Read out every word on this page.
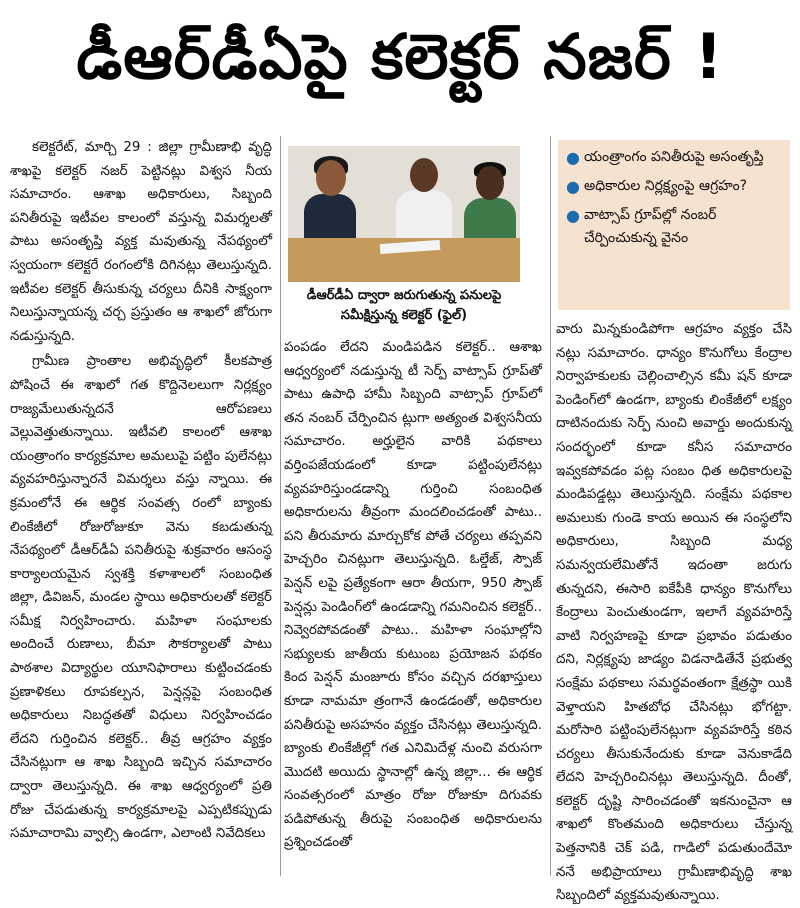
డీఆర్‌డీఏపై కలెక్టర్ నజర్ !

కలెక్టరేట్, మార్చి 29 : జిల్లా గ్రామీణాభి వృద్ధి శాఖపై కలెక్టర్ నజర్ పెట్టినట్లు విశ్వస నీయ సమాచారం. ఆశాఖ అధికారులు, సిబ్బంది పనితీరుపై ఇటీవల కాలంలో వస్తున్న విమర్శలతో పాటు అసంతృప్తి వ్యక్త మవుతున్న నేపథ్యంలో స్వయంగా కలెక్టరే రంగంలోకి దిగినట్లు తెలుస్తున్నది. ఇటీవల కలెక్టర్ తీసుకున్న చర్యలు దీనికి సాక్ష్యంగా నిలుస్తున్నాయన్న చర్చ ప్రస్తుతం ఆ శాఖలో జోరుగా నడుస్తున్నది.

గ్రామీణ ప్రాంతాల అభివృద్ధిలో కీలకపాత్ర పోషించే ఈ శాఖలో గత కొద్దినెలలుగా నిర్లక్ష్యం రాజ్యమేలుతున్నదనే ఆరోపణలు వెల్లువెత్తుతున్నాయి. ఇటీవలి కాలంలో ఆశాఖ యంత్రాంగం కార్యక్రమాల అమలుపై పట్టిం పులేనట్లు వ్యవహరిస్తున్నారనే విమర్శలు వస్తు న్నాయి. ఈ క్రమంలోనే ఈ ఆర్థిక సంవత్స రంలో బ్యాంకు లింకేజీలో రోజురోజుకూ వెను కబడుతున్న నేపథ్యంలో డీఆర్‌డీఏ పనితీరుపై శుక్రవారం ఆసంస్థ కార్యాలయమైన స్వశక్తి కళాశాలలో సంబంధిత జిల్లా, డివిజన్, మండల స్థాయి అధికారులతో కలెక్టర్ సమీక్ష నిర్వహించారు. మహిళా సంఘాలకు అందించే రుణాలు, బీమా సౌకర్యాలతో పాటు పాఠశాల విద్యార్థుల యూనిఫారాలు కుట్టించడంకు ప్రణాళికలు రూపకల్పన, పెన్షన్లపై సంబంధిత అధికారులు నిబద్ధతతో విధులు నిర్వహించడం లేదని గుర్తించిన కలెక్టర్.. తీవ్ర ఆగ్రహం వ్యక్తం చేసినట్లుగా ఆ శాఖ సిబ్బంది ఇచ్చిన సమాచారం ద్వారా తెలుస్తున్నది. ఈ శాఖ ఆధ్వర్యంలో ప్రతి రోజు చేపడుతున్న కార్యక్రమాలపై ఎప్పటికప్పుడు సమాచారామి వ్వాల్సి ఉండగా, ఎలాంటి నివేదికలు

డీఆర్‌డీఏ ద్వారా జరుగుతున్న పనులపై సమీక్షిస్తున్న కలెక్టర్ (ఫైల్)

పంపడం లేదని మండిపడిన కలెక్టర్.. ఆశాఖ ఆధ్వర్యంలో నడుస్తున్న టీ సెర్ప్ వాట్సాప్ గ్రూప్‌తో పాటు ఉపాధి హామీ సిబ్బంది వాట్సాప్ గ్రూప్‌లో తన నంబర్ చేర్పించిన ట్లుగా అత్యంత విశ్వసనీయ సమాచారం. అర్హులైన వారికి పథకాలు వర్తింపజేయడంలో కూడా పట్టింపులేనట్లు వ్యవహరిస్తుండడాన్ని గుర్తించి సంబంధిత అధికారులను తీవ్రంగా మందలించడంతో పాటు.. పని తీరుమారు మార్చుకోక పోతే చర్యలు తప్పవని హెచ్చరిం చినట్లుగా తెలుస్తున్నది. ఓల్డేజ్, స్పౌజ్ పెన్షన్ లపై ప్రత్యేకంగా ఆరా తీయగా, 950 స్పౌజ్ పెన్షన్లు పెండింగ్‌లో ఉండడాన్ని గమనించిన కలెక్టర్.. నివ్వెరపోవడంతో పాటు.. మహిళా సంఘాల్లోని సభ్యులకు జాతీయ కుటుంబ ప్రయోజన పథకం కింద పెన్షన్ మంజూరు కోసం వచ్చిన దరఖాస్తులు కూడా నామమా త్రంగానే ఉండడంతో, అధికారుల పనితీరుపై అసహనం వ్యక్తం చేసినట్లు తెలుస్తున్నది. బ్యాంకు లింకేజీల్లో గత ఎనిమిదేళ్ల నుంచి వరుసగా మొదటి అయిదు స్థానాల్లో ఉన్న జిల్లా... ఈ ఆర్థిక సంవత్సరంలో మాత్రం రోజు రోజుకూ దిగువకు పడిపోతున్న తీరుపై సంబంధిత అధికారులను ప్రశ్నించడంతో

● యంత్రాంగం పనితీరుపై అసంతృప్తి
● అధికారుల నిర్లక్ష్యంపై ఆగ్రహం?
● వాట్సాప్ గ్రూప్‌ల్లో నంబర్ చేర్పించుకున్న వైనం

వారు మిన్నకుండిపోగా ఆగ్రహం వ్యక్తం చేసి నట్లు సమాచారం. ధాన్యం కొనుగోలు కేంద్రాల నిర్వాహకులకు చెల్లించాల్సిన కమీ షన్ కూడా పెండింగ్‌లో ఉండగా, బ్యాంకు లింకేజీలో లక్ష్యం దాటినందుకు సెర్ప్ నుంచి అవార్డు అందుకున్న సందర్భంలో కూడా కనీస సమాచారం ఇవ్వకపోవడం పట్ల సంబం ధిత అధికారులపై మండిపడ్డట్లు తెలుస్తున్నది. సంక్షేమ పథకాల అమలుకు గుండె కాయ అయిన ఈ సంస్థలోని అధికారులు, సిబ్బంది మధ్య సమన్వయలేమితోనే ఇదంతా జరుగు తున్నదని, ఈసారి ఐకేపీకి ధాన్యం కొనుగోలు కేంద్రాలు పెంచుతుండగా, ఇలాగే వ్యవహరిస్తే వాటి నిర్వహణపై కూడా ప్రభావం పడుతుం దని, నిర్లక్ష్యపు జాడ్యం విడనాడితేనే ప్రభుత్వ సంక్షేమ పథకాలు సమర్థవంతంగా క్షేత్రస్థా యికి వెళ్తాయని హితబోధ చేసినట్లు భోగట్టా. మరోసారి పట్టింపులేనట్లుగా వ్యవహరిస్తే కఠిన చర్యలు తీసుకునేందుకు కూడా వెనుకాడేది లేదని హెచ్చరించినట్లు తెలుస్తున్నది. దీంతో, కలెక్టర్ దృష్టి సారించడంతో ఇకనుంచైనా ఆ శాఖలో కొంతమంది అధికారులు చేస్తున్న పెత్తనానికి చెక్ పడి, గాడిలో పడుతుందేమో ననే అభిప్రాయాలు గ్రామీణాభివృద్ధి శాఖ సిబ్బందిలో వ్యక్తమవుతున్నాయి.
